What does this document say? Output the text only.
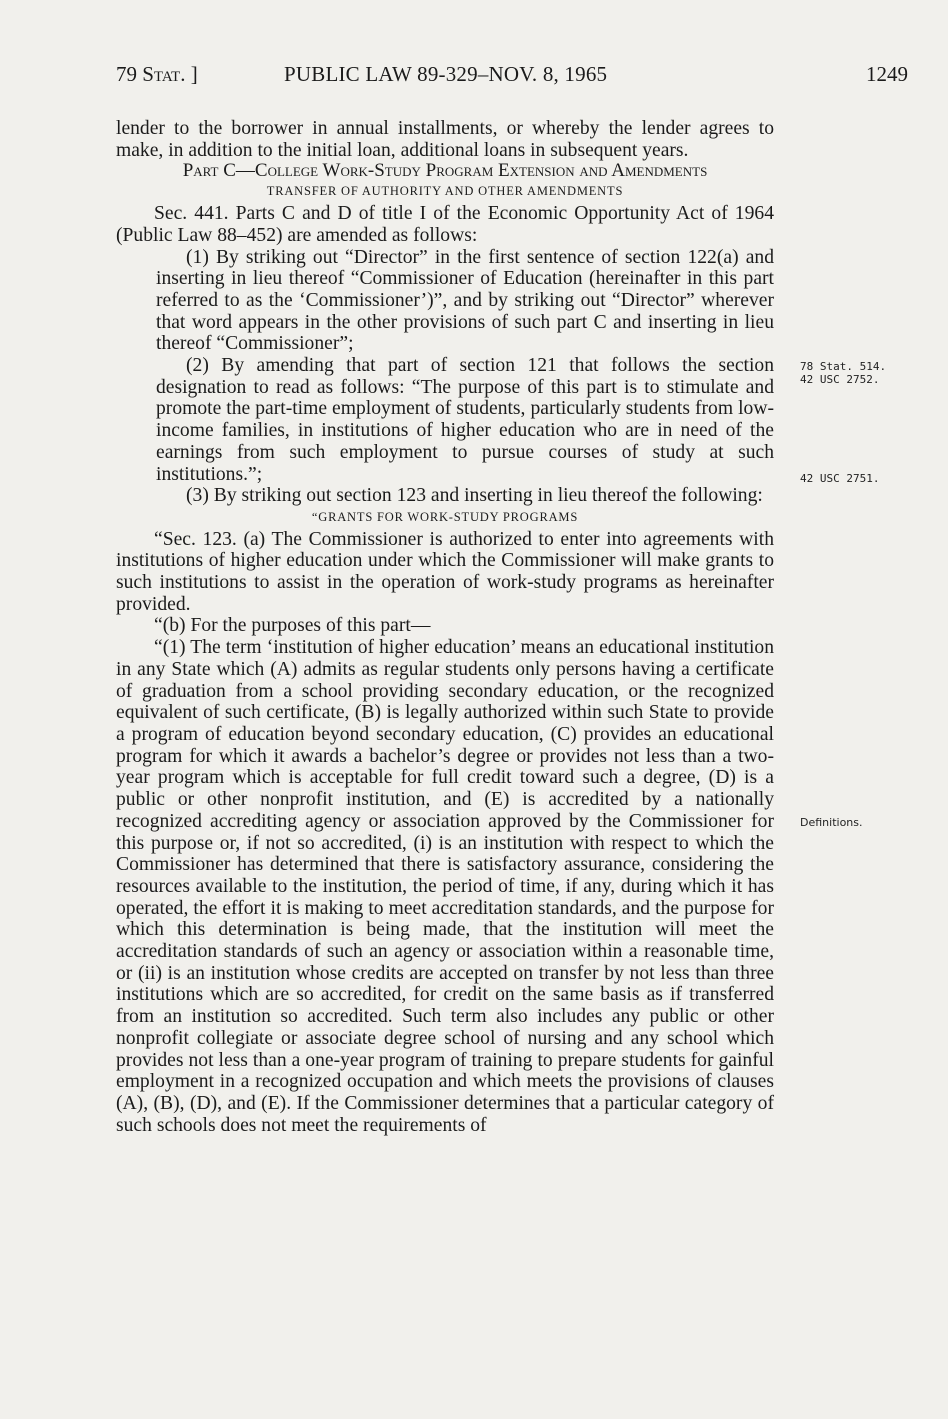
79 Stat. ]	PUBLIC LAW 89-329–NOV. 8, 1965	1249

lender to the borrower in annual installments, or whereby the lender agrees to make, in addition to the initial loan, additional loans in subsequent years.

Part C—College Work-Study Program Extension and Amendments

TRANSFER OF AUTHORITY AND OTHER AMENDMENTS

Sec. 441. Parts C and D of title I of the Economic Opportunity Act of 1964 (Public Law 88–452) are amended as follows:

(1) By striking out “Director” in the first sentence of section 122(a) and inserting in lieu thereof “Commissioner of Education (hereinafter in this part referred to as the ‘Commissioner’)”, and by striking out “Director” wherever that word appears in the other provisions of such part C and inserting in lieu thereof “Commissioner”;

(2) By amending that part of section 121 that follows the section designation to read as follows: “The purpose of this part is to stimulate and promote the part-time employment of students, particularly students from low-income families, in institutions of higher education who are in need of the earnings from such employment to pursue courses of study at such institutions.”;

(3) By striking out section 123 and inserting in lieu thereof the following:

“GRANTS FOR WORK-STUDY PROGRAMS

“Sec. 123. (a) The Commissioner is authorized to enter into agreements with institutions of higher education under which the Commissioner will make grants to such institutions to assist in the operation of work-study programs as hereinafter provided.

“(b) For the purposes of this part—

“(1) The term ‘institution of higher education’ means an educational institution in any State which (A) admits as regular students only persons having a certificate of graduation from a school providing secondary education, or the recognized equivalent of such certificate, (B) is legally authorized within such State to provide a program of education beyond secondary education, (C) provides an educational program for which it awards a bachelor’s degree or provides not less than a two-year program which is acceptable for full credit toward such a degree, (D) is a public or other nonprofit institution, and (E) is accredited by a nationally recognized accrediting agency or association approved by the Commissioner for this purpose or, if not so accredited, (i) is an institution with respect to which the Commissioner has determined that there is satisfactory assurance, considering the resources available to the institution, the period of time, if any, during which it has operated, the effort it is making to meet accreditation standards, and the purpose for which this determination is being made, that the institution will meet the accreditation standards of such an agency or association within a reasonable time, or (ii) is an institution whose credits are accepted on transfer by not less than three institutions which are so accredited, for credit on the same basis as if transferred from an institution so accredited. Such term also includes any public or other nonprofit collegiate or associate degree school of nursing and any school which provides not less than a one-year program of training to prepare students for gainful employment in a recognized occupation and which meets the provisions of clauses (A), (B), (D), and (E). If the Commissioner determines that a particular category of such schools does not meet the requirements of

78 Stat. 514.
42 USC 2752.
42 USC 2751.
Definitions.
